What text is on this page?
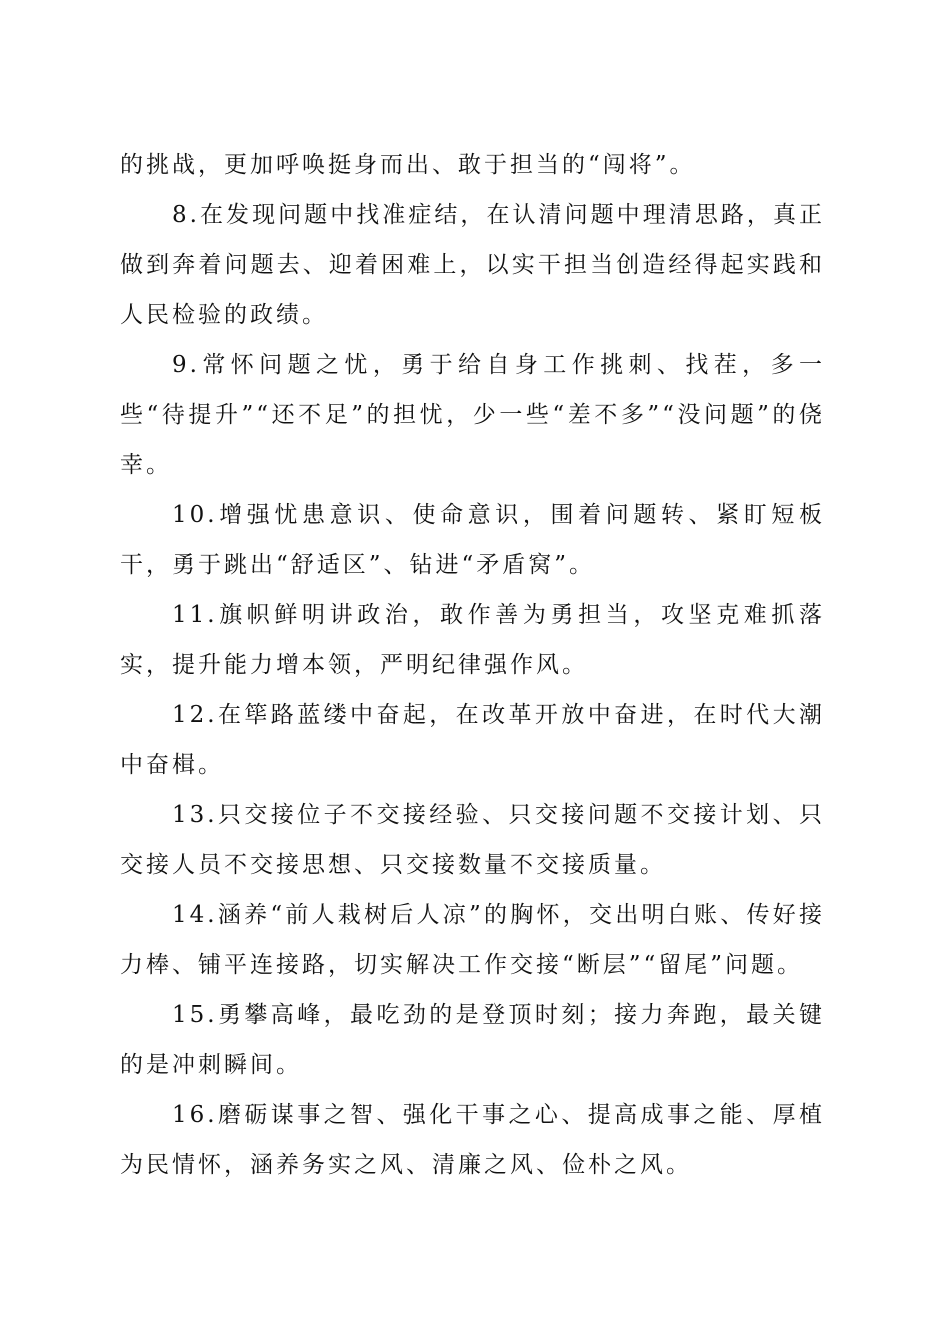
的挑战，更加呼唤挺身而出、敢于担当的“闯将”。

8.在发现问题中找准症结，在认清问题中理清思路，真正做到奔着问题去、迎着困难上，以实干担当创造经得起实践和人民检验的政绩。

9.常怀问题之忧，勇于给自身工作挑刺、找茬，多一些“待提升”“还不足”的担忧，少一些“差不多”“没问题”的侥幸。

10.增强忧患意识、使命意识，围着问题转、紧盯短板干，勇于跳出“舒适区”、钻进“矛盾窝”。

11.旗帜鲜明讲政治，敢作善为勇担当，攻坚克难抓落实，提升能力增本领，严明纪律强作风。

12.在筚路蓝缕中奋起，在改革开放中奋进，在时代大潮中奋楫。

13.只交接位子不交接经验、只交接问题不交接计划、只交接人员不交接思想、只交接数量不交接质量。

14.涵养“前人栽树后人凉”的胸怀，交出明白账、传好接力棒、铺平连接路，切实解决工作交接“断层”“留尾”问题。

15.勇攀高峰，最吃劲的是登顶时刻；接力奔跑，最关键的是冲刺瞬间。

16.磨砺谋事之智、强化干事之心、提高成事之能、厚植为民情怀，涵养务实之风、清廉之风、俭朴之风。
